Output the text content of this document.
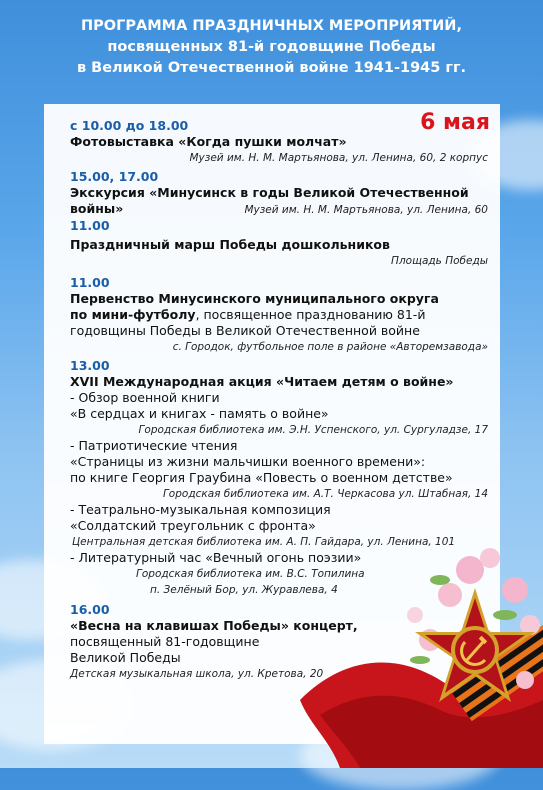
ПРОГРАММА ПРАЗДНИЧНЫХ МЕРОПРИЯТИЙ,
посвященных 81-й годовщине Победы
в Великой Отечественной войне 1941-1945 гг.
6 мая
с 10.00 до 18.00
Фотовыставка «Когда пушки молчат»
Музей им. Н. М. Мартьянова, ул. Ленина, 60, 2 корпус
15.00, 17.00
Экскурсия «Минусинск в годы Великой Отечественной
войны»	Музей им. Н. М. Мартьянова, ул. Ленина, 60
11.00
Праздничный марш Победы дошкольников
Площадь Победы
11.00
Первенство Минусинского муниципального округа
по мини-футболу, посвященное празднованию 81-й
годовщины Победы в Великой Отечественной войне
с. Городок, футбольное поле в районе «Авторемзавода»
13.00
XVII Международная акция «Читаем детям о войне»
- Обзор военной книги
«В сердцах и книгах - память о войне»
Городская библиотека им. Э.Н. Успенского, ул. Сургуладзе, 17
- Патриотические чтения
«Страницы из жизни мальчишки военного времени»:
по книге Георгия Граубина «Повесть о военном детстве»
Городская библиотека им. А.Т. Черкасова ул. Штабная, 14
- Театрально-музыкальная композиция
«Солдатский треугольник с фронта»
Центральная детская библиотека им. А. П. Гайдара, ул. Ленина, 101
- Литературный час «Вечный огонь поэзии»
Городская библиотека им. В.С. Топилина
п. Зелёный Бор, ул. Журавлева, 4
16.00
«Весна на клавишах Победы» концерт,
посвященный 81-годовщине
Великой Победы
Детская музыкальная школа, ул. Кретова, 20
